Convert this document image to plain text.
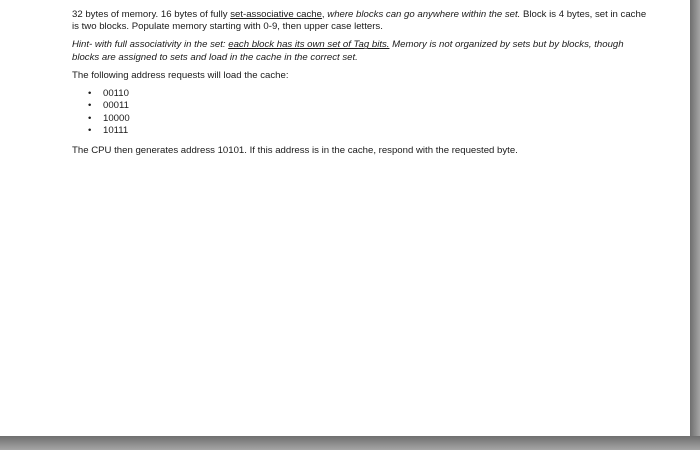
32 bytes of memory. 16 bytes of fully set-associative cache, where blocks can go anywhere within the set. Block is 4 bytes, set in cache is two blocks. Populate memory starting with 0-9, then upper case letters.

Hint- with full associativity in the set: each block has its own set of Tag bits. Memory is not organized by sets but by blocks, though blocks are assigned to sets and load in the cache in the correct set.

The following address requests will load the cache:

• 00110
• 00011
• 10000
• 10111

The CPU then generates address 10101. If this address is in the cache, respond with the requested byte.
